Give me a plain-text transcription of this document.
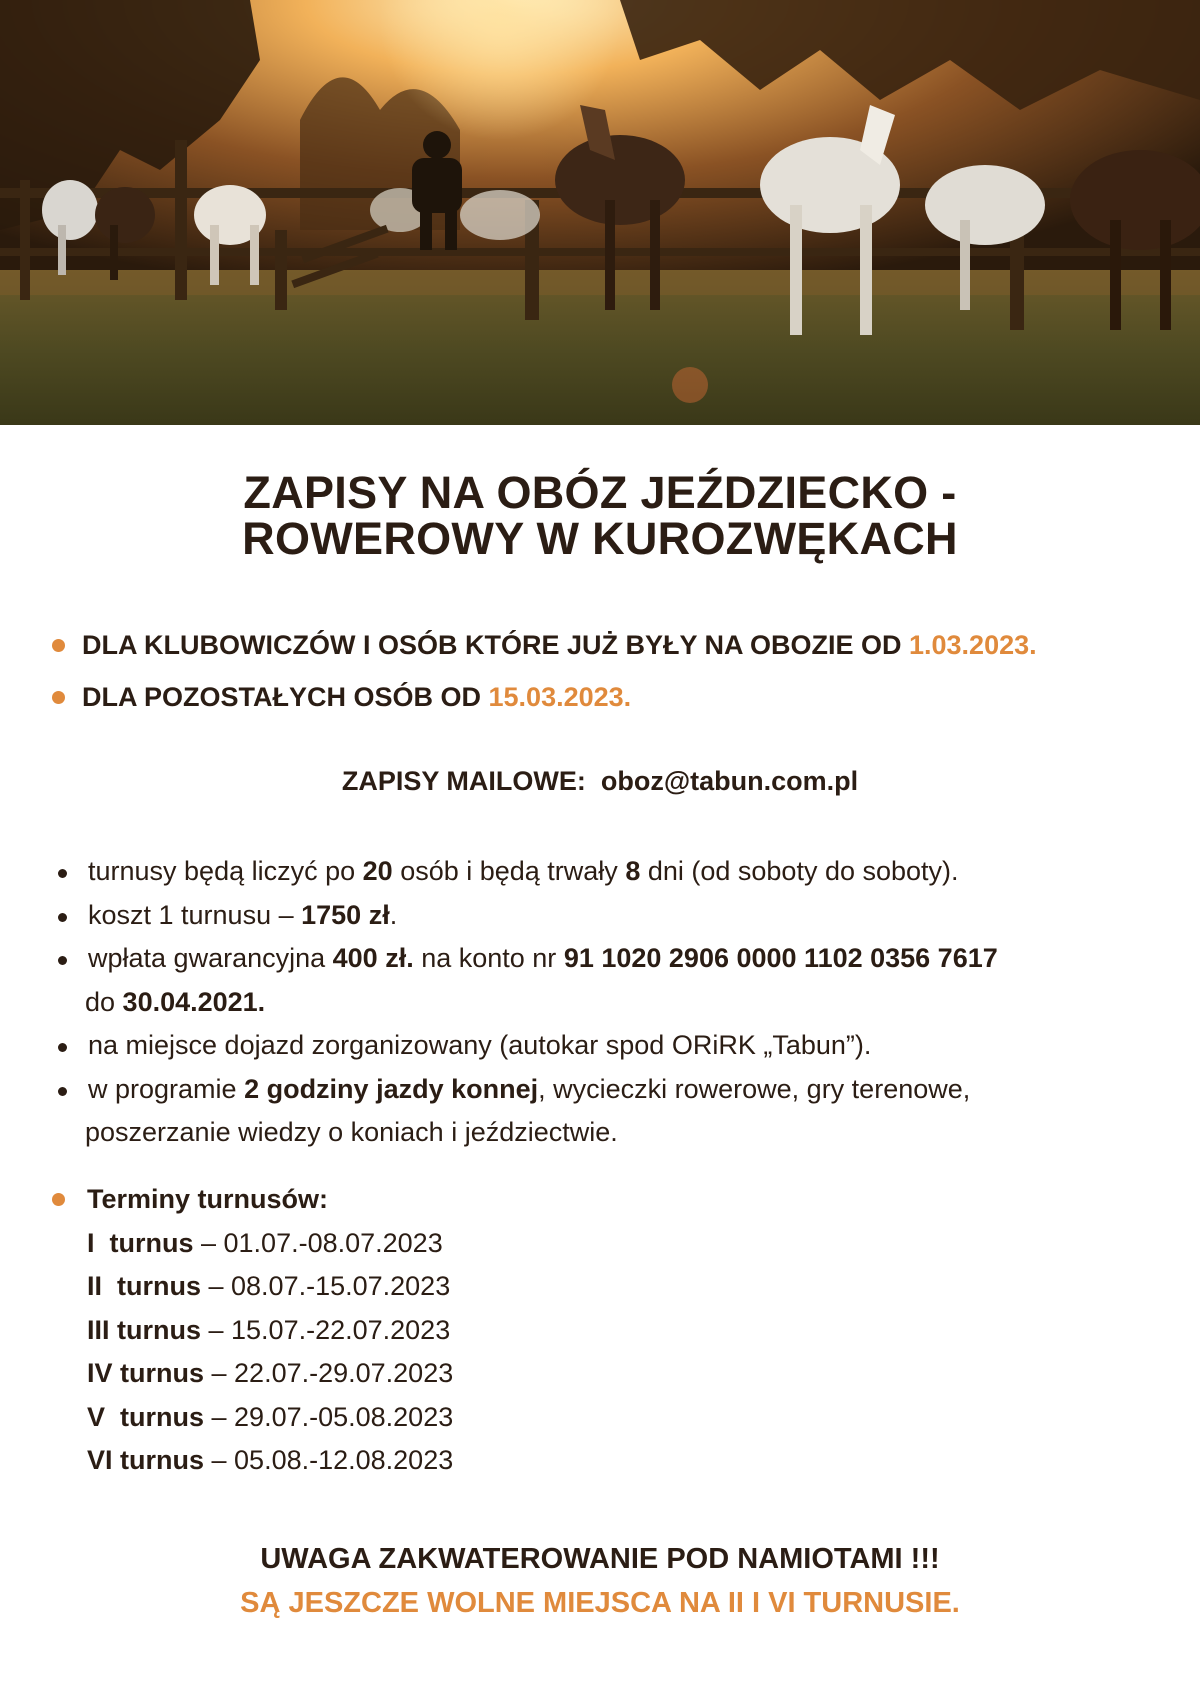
ZAPISY NA OBÓZ JEŹDZIECKO -
ROWEROWY W KUROZWĘKACH
DLA KLUBOWICZÓW I OSÓB KTÓRE JUŻ BYŁY NA OBOZIE OD 1.03.2023.
DLA POZOSTAŁYCH OSÓB OD 15.03.2023.
ZAPISY MAILOWE: oboz@tabun.com.pl
turnusy będą liczyć po 20 osób i będą trwały 8 dni (od soboty do soboty).
koszt 1 turnusu – 1750 zł.
wpłata gwarancyjna 400 zł. na konto nr 91 1020 2906 0000 1102 0356 7617
do 30.04.2021.
na miejsce dojazd zorganizowany (autokar spod ORiRK „Tabun”).
w programie 2 godziny jazdy konnej, wycieczki rowerowe, gry terenowe,
poszerzanie wiedzy o koniach i jeździectwie.
Terminy turnusów:
I  turnus – 01.07.-08.07.2023
II  turnus – 08.07.-15.07.2023
III turnus – 15.07.-22.07.2023
IV turnus – 22.07.-29.07.2023
V  turnus – 29.07.-05.08.2023
VI turnus – 05.08.-12.08.2023
UWAGA ZAKWATEROWANIE POD NAMIOTAMI !!!
SĄ JESZCZE WOLNE MIEJSCA NA II I VI TURNUSIE.
